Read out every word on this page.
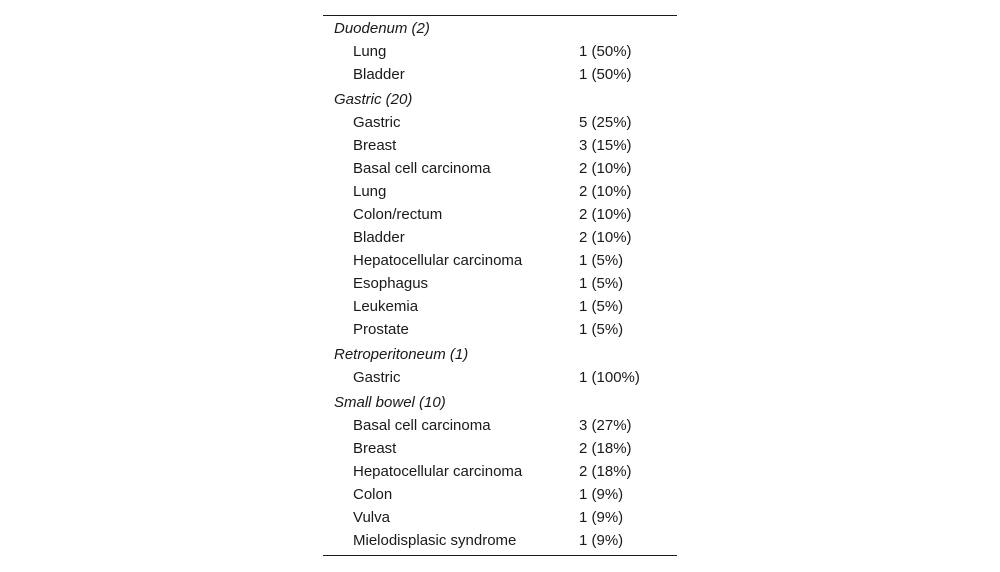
Duodenum (2)
Lung	1 (50%)
Bladder	1 (50%)
Gastric (20)
Gastric	5 (25%)
Breast	3 (15%)
Basal cell carcinoma	2 (10%)
Lung	2 (10%)
Colon/rectum	2 (10%)
Bladder	2 (10%)
Hepatocellular carcinoma	1 (5%)
Esophagus	1 (5%)
Leukemia	1 (5%)
Prostate	1 (5%)
Retroperitoneum (1)
Gastric	1 (100%)
Small bowel (10)
Basal cell carcinoma	3 (27%)
Breast	2 (18%)
Hepatocellular carcinoma	2 (18%)
Colon	1 (9%)
Vulva	1 (9%)
Mielodisplasic syndrome	1 (9%)
